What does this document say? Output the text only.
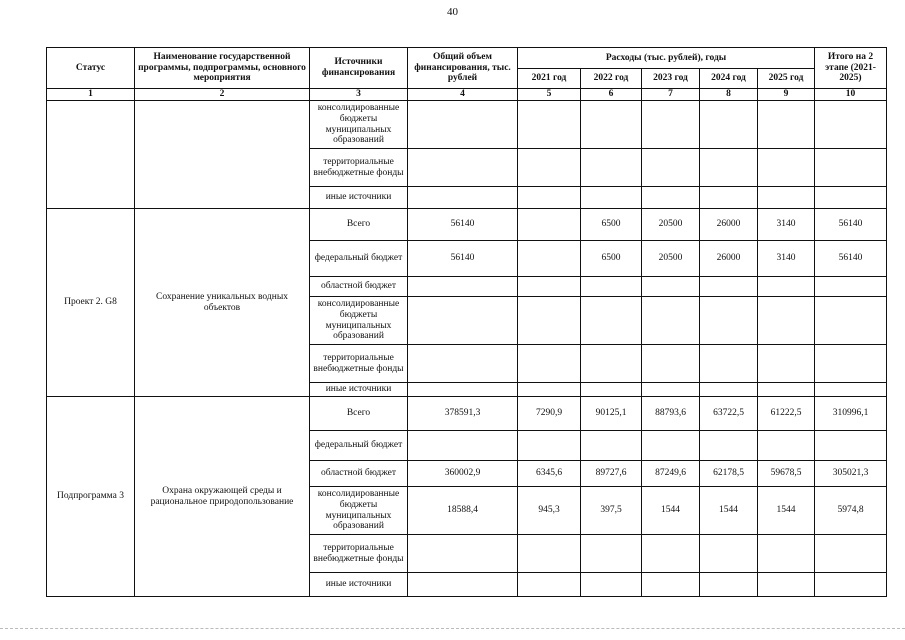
40
Статус	Наименование государственной программы, подпрограммы, основного мероприятия	Источники финансирования	Общий объем финансирования, тыс. рублей	Расходы (тыс. рублей), годы					Итого на 2 этапе (2021-2025)
				2021 год	2022 год	2023 год	2024 год	2025 год	
1	2	3	4	5	6	7	8	9	10
		консолидированные бюджеты муниципальных образований							
		территориальные внебюджетные фонды							
		иные источники							
Проект 2. G8	Сохранение уникальных водных объектов	Всего	56140		6500	20500	26000	3140	56140
		федеральный бюджет	56140		6500	20500	26000	3140	56140
		областной бюджет							
		консолидированные бюджеты муниципальных образований							
		территориальные внебюджетные фонды							
		иные источники							
Подпрограмма 3	Охрана окружающей среды и рациональное природопользование	Всего	378591,3	7290,9	90125,1	88793,6	63722,5	61222,5	310996,1
		федеральный бюджет							
		областной бюджет	360002,9	6345,6	89727,6	87249,6	62178,5	59678,5	305021,3
		консолидированные бюджеты муниципальных образований	18588,4	945,3	397,5	1544	1544	1544	5974,8
		территориальные внебюджетные фонды							
		иные источники							
